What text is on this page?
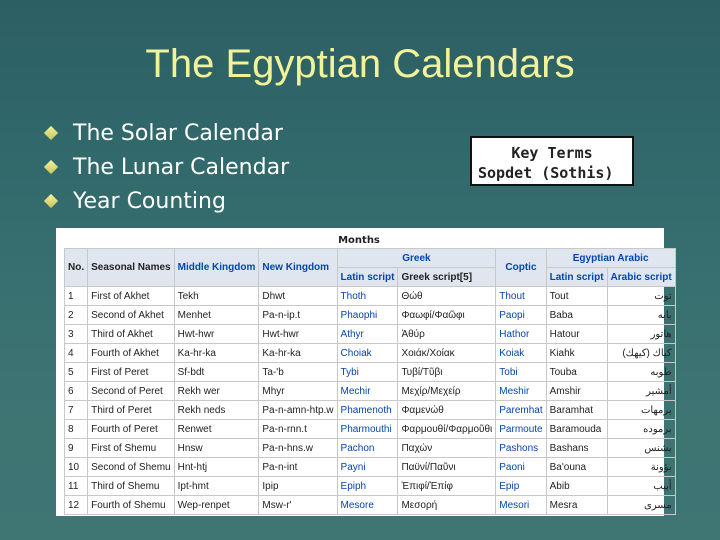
The Egyptian Calendars
The Solar Calendar
The Lunar Calendar
Year Counting
Key Terms
Sopdet (Sothis)
Months
No.	Seasonal Names	Middle Kingdom	New Kingdom	Greek		Coptic	Egyptian Arabic	
				Latin script	Greek script[5]		Latin script	Arabic script
1	First of Akhet	Tekh	Dhwt	Thoth	Θώθ	Thout	Tout	توت
2	Second of Akhet	Menhet	Pa-n-ip.t	Phaophi	Φαωφί/Φαῶφι	Paopi	Baba	بابه
3	Third of Akhet	Hwt-hwr	Hwt-hwr	Athyr	Ἀθύρ	Hathor	Hatour	هاتور
4	Fourth of Akhet	Ka-hr-ka	Ka-hr-ka	Choiak	Χοιάκ/Χοίακ	Koiak	Kiahk	كياك (كيهك)
5	First of Peret	Sf-bdt	Ta-'b	Tybi	Τυβί/Τῦβι	Tobi	Touba	طوبه
6	Second of Peret	Rekh wer	Mhyr	Mechir	Μεχίρ/Μεχείρ	Meshir	Amshir	أمشير
7	Third of Peret	Rekh neds	Pa-n-amn-htp.w	Phamenoth	Φαμενώθ	Paremhat	Baramhat	برمهات
8	Fourth of Peret	Renwet	Pa-n-rnn.t	Pharmouthi	Φαρμουθί/Φαρμοῦθι	Parmoute	Baramouda	برموده
9	First of Shemu	Hnsw	Pa-n-hns.w	Pachon	Παχών	Pashons	Bashans	بشنس
10	Second of Shemu	Hnt-htj	Pa-n-int	Payni	Παϋνί/Παῦνι	Paoni	Ba'ouna	بؤونة
11	Third of Shemu	Ipt-hmt	Ipip	Epiph	Ἐπιφί/Ἐπίφ	Epip	Abib	أبيب
12	Fourth of Shemu	Wep-renpet	Msw-r'	Mesore	Μεσορή	Mesori	Mesra	مسرى
